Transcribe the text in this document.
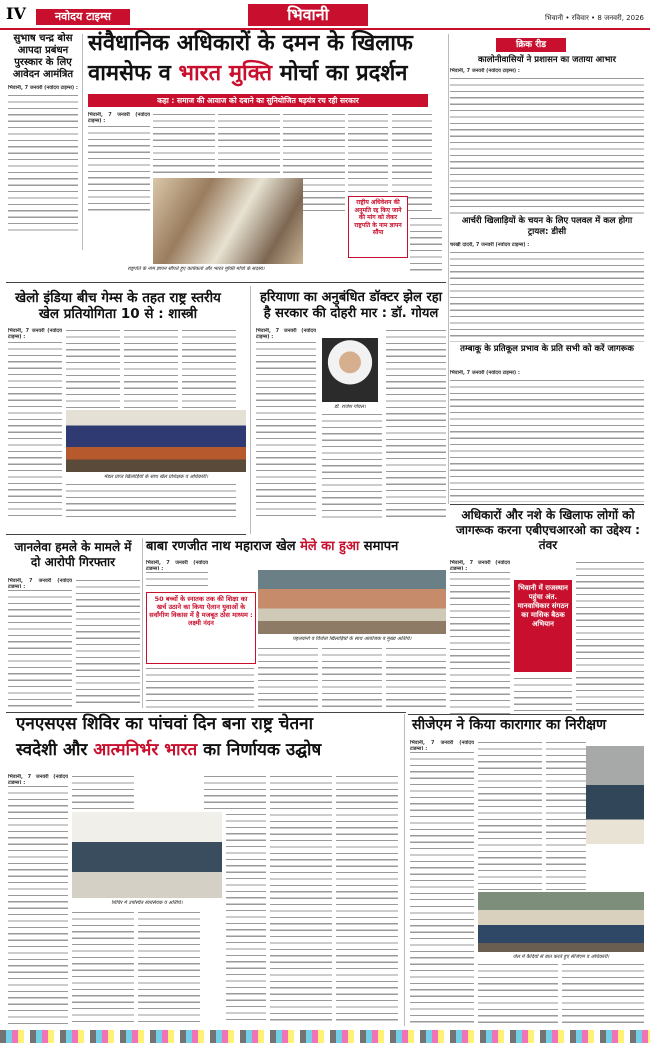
IV	नवोदय टाइम्स	भिवानी	भिवानी • रविवार • 8 जनवरी, 2026
सुभाष चन्द्र बोस आपदा प्रबंधन पुरस्कार के लिए आवेदन आमंत्रित
भिवानी, 7 जनवरी (नवोदय टाइम्स) :
संवैधानिक अधिकारों के दमन के खिलाफ
वामसेफ व भारत मुक्ति मोर्चा का प्रदर्शन
कहा : समाज की आवाज को दबाने का सुनियोजित षड़यंत्र रच रही सरकार
भिवानी, 7 जनवरी (नवोदय टाइम्स) :
राष्ट्रपति के नाम ज्ञापन सौंपते हुए कार्यकर्ता और भारत मुक्ति मोर्चा के सदस्य।
राष्ट्रीय अधिवेशन की अनुमति रद्द किए जाने की मांग को लेकर राष्ट्रपति के नाम ज्ञापन सौंपा
क्रिक रीड
कालोनीवासियों ने प्रशासन का जताया आभार
भिवानी, 7 जनवरी (नवोदय टाइम्स) :
आर्चरी खिलाड़ियों के चयन के लिए पलवल में कल होगा ट्रायल: डीसी
चरखी दादरी, 7 जनवरी (नवोदय टाइम्स) :
तम्बाकू के प्रतिकूल प्रभाव के प्रति सभी को करें जागरूक
भिवानी, 7 जनवरी (नवोदय टाइम्स) :
खेलो इंडिया बीच गेम्स के तहत राष्ट्र स्तरीय खेल प्रतियोगिता 10 से : शास्त्री
भिवानी, 7 जनवरी (नवोदय टाइम्स) :
मेडल प्राप्त खिलाड़ियों के साथ खेल प्रशिक्षक व अधिकारी।
हरियाणा का अनुबंधित डॉक्टर झेल रहा है सरकार की दोहरी मार : डॉ. गोयल
भिवानी, 7 जनवरी (नवोदय टाइम्स) :
डॉ. राजेश गोयल।
अधिकारों और नशे के खिलाफ लोगों को जागरूक करना एबीएचआरओ का उद्देश्य : तंवर
भिवानी, 7 जनवरी (नवोदय
भिवानी में राजस्थान पहुंचा अंत. मानवाधिकार संगठन का मासिक बैठक अभियान
जानलेवा हमले के मामले में दो आरोपी गिरफ्तार
भिवानी, 7 जनवरी (नवोदय
बाबा रणजीत नाथ महाराज खेल मेले का हुआ समापन
भिवानी, 7 जनवरी (नवोदय
50 बच्चों के स्नातक तक की शिक्षा का खर्च उठाने का किया ऐलान युवाओं के सर्वांगीण विकास में है मजबूत ठोस माध्यम : लक्ष्मी नंदन
पहलवानों व विजेता खिलाड़ियों के साथ आयोजक व मुख्य अतिथि।
एनएसएस शिविर का पांचवां दिन बना राष्ट्र चेतना
स्वदेशी और आत्मनिर्भर भारत का निर्णायक उद्घोष
भिवानी, 7 जनवरी (नवोदय
शिविर में उपस्थित स्वयंसेवक व अतिथि।
सीजेएम ने किया कारागार का निरीक्षण
भिवानी, 7 जनवरी (नवोदय
जेल में कैदियों से बात करते हुए सीजेएम व अधिकारी।
